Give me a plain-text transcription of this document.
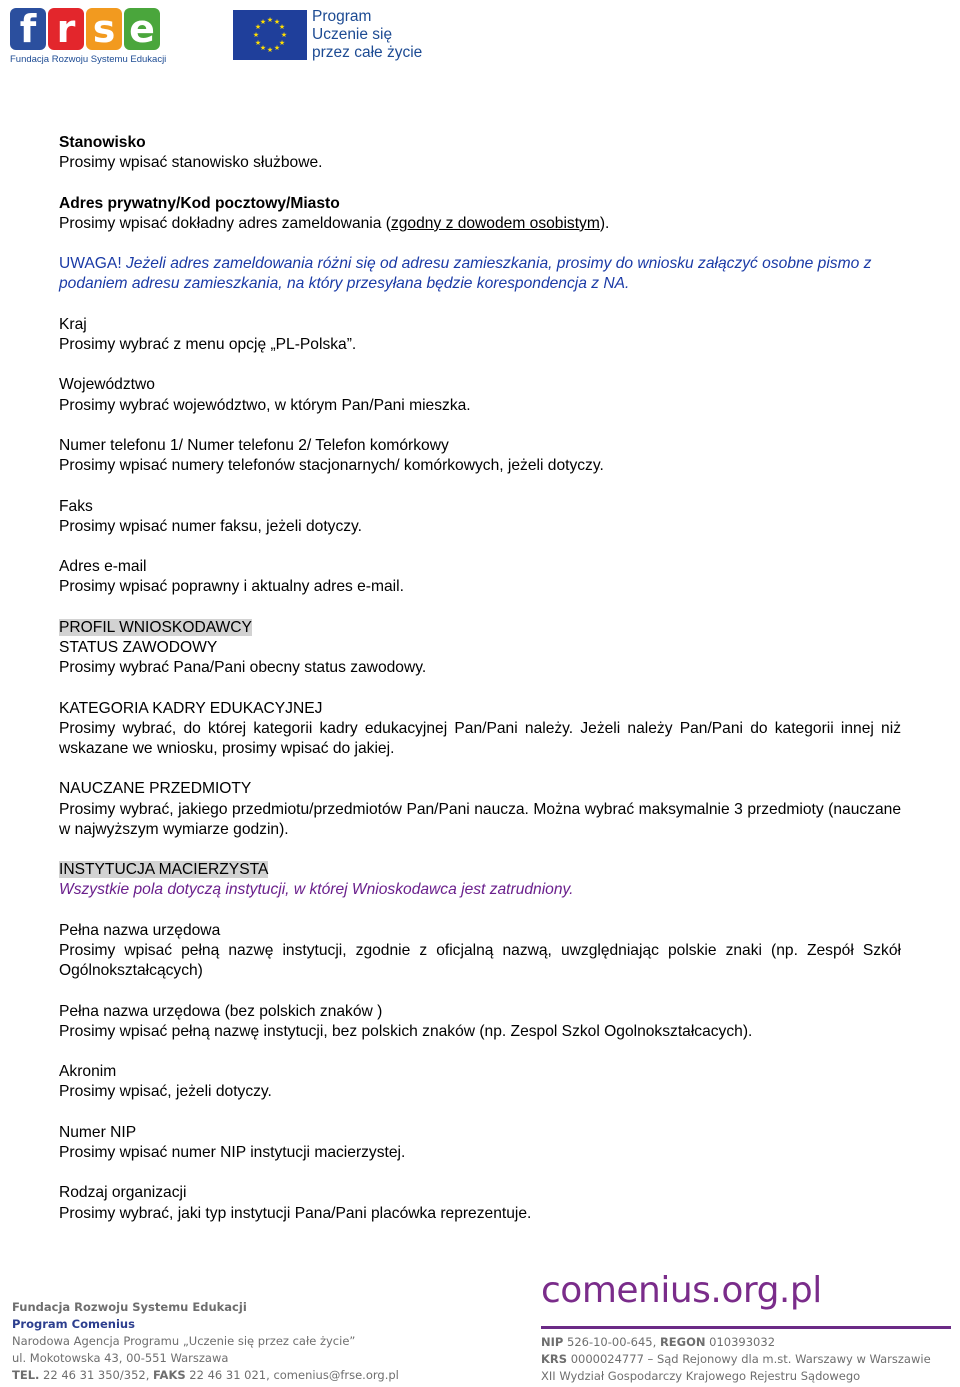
f r s e
Fundacja Rozwoju Systemu Edukacji
★ ★
★
★
★
★
★
★
★
★
★
★	Program
Uczenie się
przez całe życie
Stanowisko
Prosimy wpisać stanowisko służbowe.
Adres prywatny/Kod pocztowy/Miasto
Prosimy wpisać dokładny adres zameldowania (zgodny z dowodem osobistym).
UWAGA! Jeżeli adres zameldowania różni się od adresu zamieszkania, prosimy do wniosku załączyć osobne pismo z podaniem adresu zamieszkania, na który przesyłana będzie korespondencja z NA.
Kraj
Prosimy wybrać z menu opcję „PL-Polska”.
Województwo
Prosimy wybrać województwo, w którym Pan/Pani mieszka.
Numer telefonu 1/ Numer telefonu 2/ Telefon komórkowy
Prosimy wpisać numery telefonów stacjonarnych/ komórkowych, jeżeli dotyczy.
Faks
Prosimy wpisać numer faksu, jeżeli dotyczy.
Adres e-mail
Prosimy wpisać poprawny i aktualny adres e-mail.
PROFIL WNIOSKODAWCY
STATUS ZAWODOWY
Prosimy wybrać Pana/Pani obecny status zawodowy.
KATEGORIA KADRY EDUKACYJNEJ
Prosimy wybrać, do której kategorii kadry edukacyjnej Pan/Pani należy. Jeżeli należy Pan/Pani do kategorii innej niż wskazane we wniosku, prosimy wpisać do jakiej.
NAUCZANE PRZEDMIOTY
Prosimy wybrać, jakiego przedmiotu/przedmiotów Pan/Pani naucza. Można wybrać maksymalnie 3 przedmioty (nauczane w najwyższym wymiarze godzin).
INSTYTUCJA MACIERZYSTA
Wszystkie pola dotyczą instytucji, w której Wnioskodawca jest zatrudniony.
Pełna nazwa urzędowa
Prosimy wpisać pełną nazwę instytucji, zgodnie z oficjalną nazwą, uwzględniając polskie znaki (np. Zespół Szkół Ogólnokształcących)
Pełna nazwa urzędowa (bez polskich znaków )
Prosimy wpisać pełną nazwę instytucji, bez polskich znaków (np. Zespol Szkol Ogolnokształcacych).
Akronim
Prosimy wpisać, jeżeli dotyczy.
Numer NIP
Prosimy wpisać numer NIP instytucji macierzystej.
Rodzaj organizacji
Prosimy wybrać, jaki typ instytucji Pana/Pani placówka reprezentuje.
Fundacja Rozwoju Systemu Edukacji
Program Comenius
Narodowa Agencja Programu „Uczenie się przez całe życie”
ul. Mokotowska 43, 00-551 Warszawa
TEL. 22 46 31 350/352, FAKS 22 46 31 021, comenius@frse.org.pl
comenius.org.pl
NIP 526-10-00-645, REGON 010393032
KRS 0000024777 – Sąd Rejonowy dla m.st. Warszawy w Warszawie
XII Wydział Gospodarczy Krajowego Rejestru Sądowego
